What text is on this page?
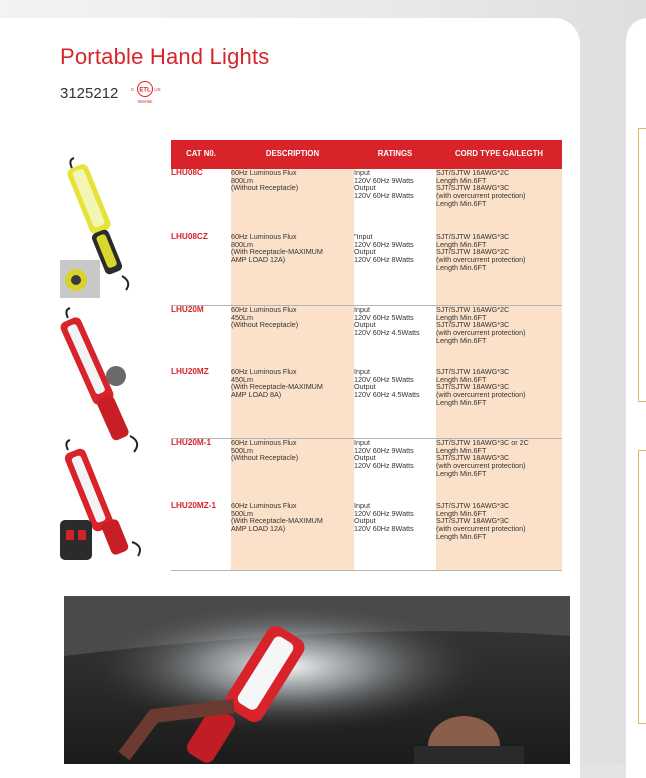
Portable Hand Lights
3125212	ETL
C	US
Intertek
CAT N0.	DESCRIPTION	RATINGS	CORD TYPE GA/LEGTH
LHU08C	60Hz Luminous Flux
800Lm
(Without Receptacle)	Input
120V 60Hz 9Watts
Output
120V 60Hz 8Watts	SJT/SJTW 16AWG*2C
Length Min.6FT
SJT/SJTW 18AWG*3C
(with overcurrent protection)
Length Min.6FT
LHU08CZ	60Hz Luminous Flux
800Lm
(With Receptacle-MAXIMUM
AMP LOAD 12A)	"Input
120V 60Hz 9Watts
Output
120V 60Hz 8Watts	SJT/SJTW 16AWG*3C
Length Min.6FT
SJT/SJTW 18AWG*2C
(with overcurrent protection)
Length Min.6FT
LHU20M	60Hz Luminous Flux
450Lm
(Without Receptacle)	Input
120V 60Hz 5Watts
Output
120V 60Hz 4.5Watts	SJT/SJTW 16AWG*2C
Length Min.6FT
SJT/SJTW 18AWG*3C
(with overcurrent protection)
Length Min.6FT
LHU20MZ	60Hz Luminous Flux
450Lm
(With Receptacle-MAXIMUM
AMP LOAD 8A)	Input
120V 60Hz 5Watts
Output
120V 60Hz 4.5Watts	SJT/SJTW 16AWG*3C
Length Min.6FT
SJT/SJTW 18AWG*3C
(with overcurrent protection)
Length Min.6FT
LHU20M-1	60Hz Luminous Flux
500Lm
(Without Receptacle)	Input
120V 60Hz 9Watts
Output
120V 60Hz 8Watts	SJT/SJTW 16AWG*3C or 2C
Length Min.6FT
SJT/SJTW 18AWG*3C
(with overcurrent protection)
Length Min.6FT
LHU20MZ-1	60Hz Luminous Flux
500Lm
(With Receptacle-MAXIMUM
AMP LOAD 12A)	Input
120V 60Hz 9Watts
Output
120V 60Hz 8Watts	SJT/SJTW 16AWG*3C
Length Min.6FT
SJT/SJTW 18AWG*3C
(with overcurrent protection)
Length Min.6FT
